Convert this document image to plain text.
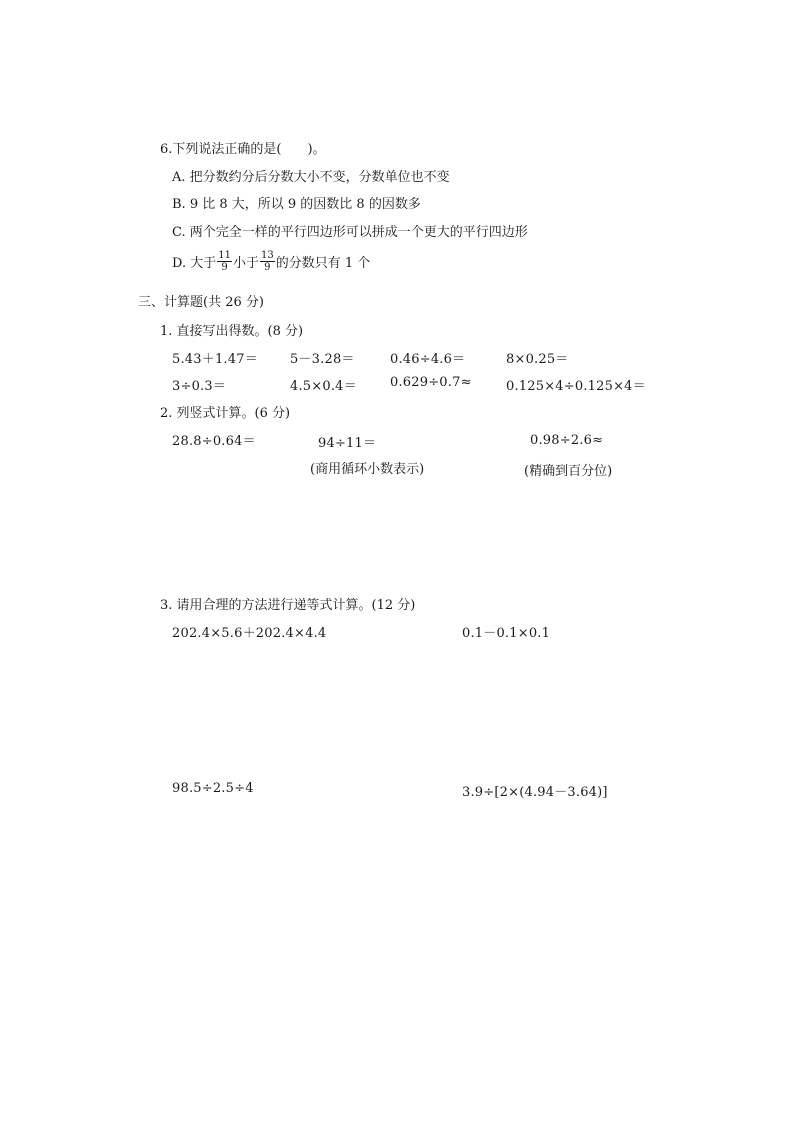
6.下列说法正确的是(　　)。
A. 把分数约分后分数大小不变，分数单位也不变
B. 9 比 8 大，所以 9 的因数比 8 的因数多
C. 两个完全一样的平行四边形可以拼成一个更大的平行四边形
D. 大于 $\frac{11}{9}$ 小于 $\frac{13}{9}$ 的分数只有 1 个
三、计算题(共 26 分)
1. 直接写出得数。(8 分)
5.43＋1.47＝ 5－3.28＝	0.46÷4.6＝	8×0.25＝
3÷0.3＝	4.5×0.4＝	0.629÷0.7≈	0.125×4÷0.125×4＝
2. 列竖式计算。(6 分)
28.8÷0.64＝	94÷11＝
(商用循环小数表示)
0.98÷2.6≈
(精确到百分位)
3. 请用合理的方法进行递等式计算。(12 分)
202.4×5.6＋202.4×4.4	0.1－0.1×0.1
98.5÷2.5÷4	3.9÷[2×(4.94－3.64)]
